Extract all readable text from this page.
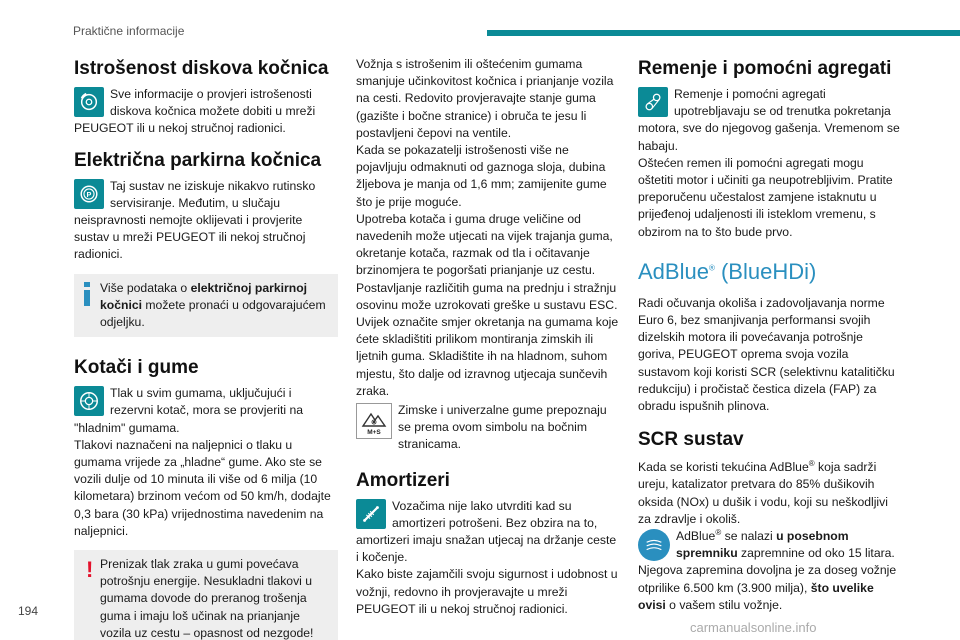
Praktične informacije
Istrošenost diskova kočnica
Sve informacije o provjeri istrošenosti diskova kočnica možete dobiti u mreži PEUGEOT ili u nekoj stručnoj radionici.
Električna parkirna kočnica
P
Taj sustav ne iziskuje nikakvo rutinsko servisiranje. Međutim, u slučaju neispravnosti nemojte oklijevati i provjerite sustav u mreži PEUGEOT ili nekoj stručnoj radionici.
Više podataka o električnoj parkirnoj kočnici možete pronaći u odgovarajućem odjeljku.
Kotači i gume
Tlak u svim gumama, uključujući i rezervni kotač, mora se provjeriti na "hladnim" gumama.

Tlakovi naznačeni na naljepnici o tlaku u gumama vrijede za „hladne“ gume. Ako ste se vozili dulje od 10 minuta ili više od 6 milja (10 kilometara) brzinom većom od 50 km/h, dodajte 0,3 bara (30 kPa) vrijednostima navedenim na naljepnici.

! Prenizak tlak zraka u gumi povećava potrošnju energije. Nesukladni tlakovi u gumama dovode do preranog trošenja guma i imaju loš učinak na prianjanje vozila uz cestu – opasnost od nezgode!

Vožnja s istrošenim ili oštećenim gumama smanjuje učinkovitost kočnica i prianjanje vozila na cesti. Redovito provjeravajte stanje guma (gazište i bočne stranice) i obruča te jesu li postavljeni čepovi na ventile.

Kada se pokazatelji istrošenosti više ne pojavljuju odmaknuti od gaznoga sloja, dubina žljebova je manja od 1,6 mm; zamijenite gume što je prije moguće.

Upotreba kotača i guma druge veličine od navedenih može utjecati na vijek trajanja guma, okretanje kotača, razmak od tla i očitavanje brzinomjera te pogoršati prianjanje uz cestu.

Postavljanje različitih guma na prednju i stražnju osovinu može uzrokovati greške u sustavu ESC.

Uvijek označite smjer okretanja na gumama koje ćete skladištiti prilikom montiranja zimskih ili ljetnih guma. Skladištite ih na hladnom, suhom mjestu, što dalje od izravnog utjecaja sunčevih zraka.

M+S
Zimske i univerzalne gume prepoznaju se prema ovom simbolu na bočnim stranicama.
Amortizeri
Vozačima nije lako utvrditi kad su amortizeri potrošeni. Bez obzira na to, amortizeri imaju snažan utjecaj na držanje ceste i kočenje.

Kako biste zajamčili svoju sigurnost i udobnost u vožnji, redovno ih provjeravajte u mreži PEUGEOT ili u nekoj stručnoj radionici.

Remenje i pomoćni agregati
Remenje i pomoćni agregati upotrebljavaju se od trenutka pokretanja motora, sve do njegovog gašenja. Vremenom se habaju.

Oštećen remen ili pomoćni agregati mogu oštetiti motor i učiniti ga neupotrebljivim. Pratite preporučenu učestalost zamjene istaknutu u prijeđenoj udaljenosti ili isteklom vremenu, s obzirom na to što bude prvo.

AdBlue® (BlueHDi)

Radi očuvanja okoliša i zadovoljavanja norme Euro 6, bez smanjivanja performansi svojih dizelskih motora ili povećavanja potrošnje goriva, PEUGEOT oprema svoja vozila sustavom koji koristi SCR (selektivnu katalitičku redukciju) i pročistač čestica dizela (FAP) za obradu ispušnih plinova.

SCR sustav

Kada se koristi tekućina AdBlue® koja sadrži ureju, katalizator pretvara do 85% dušikovih oksida (NOx) u dušik i vodu, koji su neškodljivi za zdravlje i okoliš.

AdBlue® se nalazi u posebnom spremniku zapremnine od oko 15 litara. Njegova zapremina dovoljna je za doseg vožnje otprilike 6.500 km (3.900 milja), što uvelike ovisi o vašem stilu vožnje.
194
carmanualsonline.info
